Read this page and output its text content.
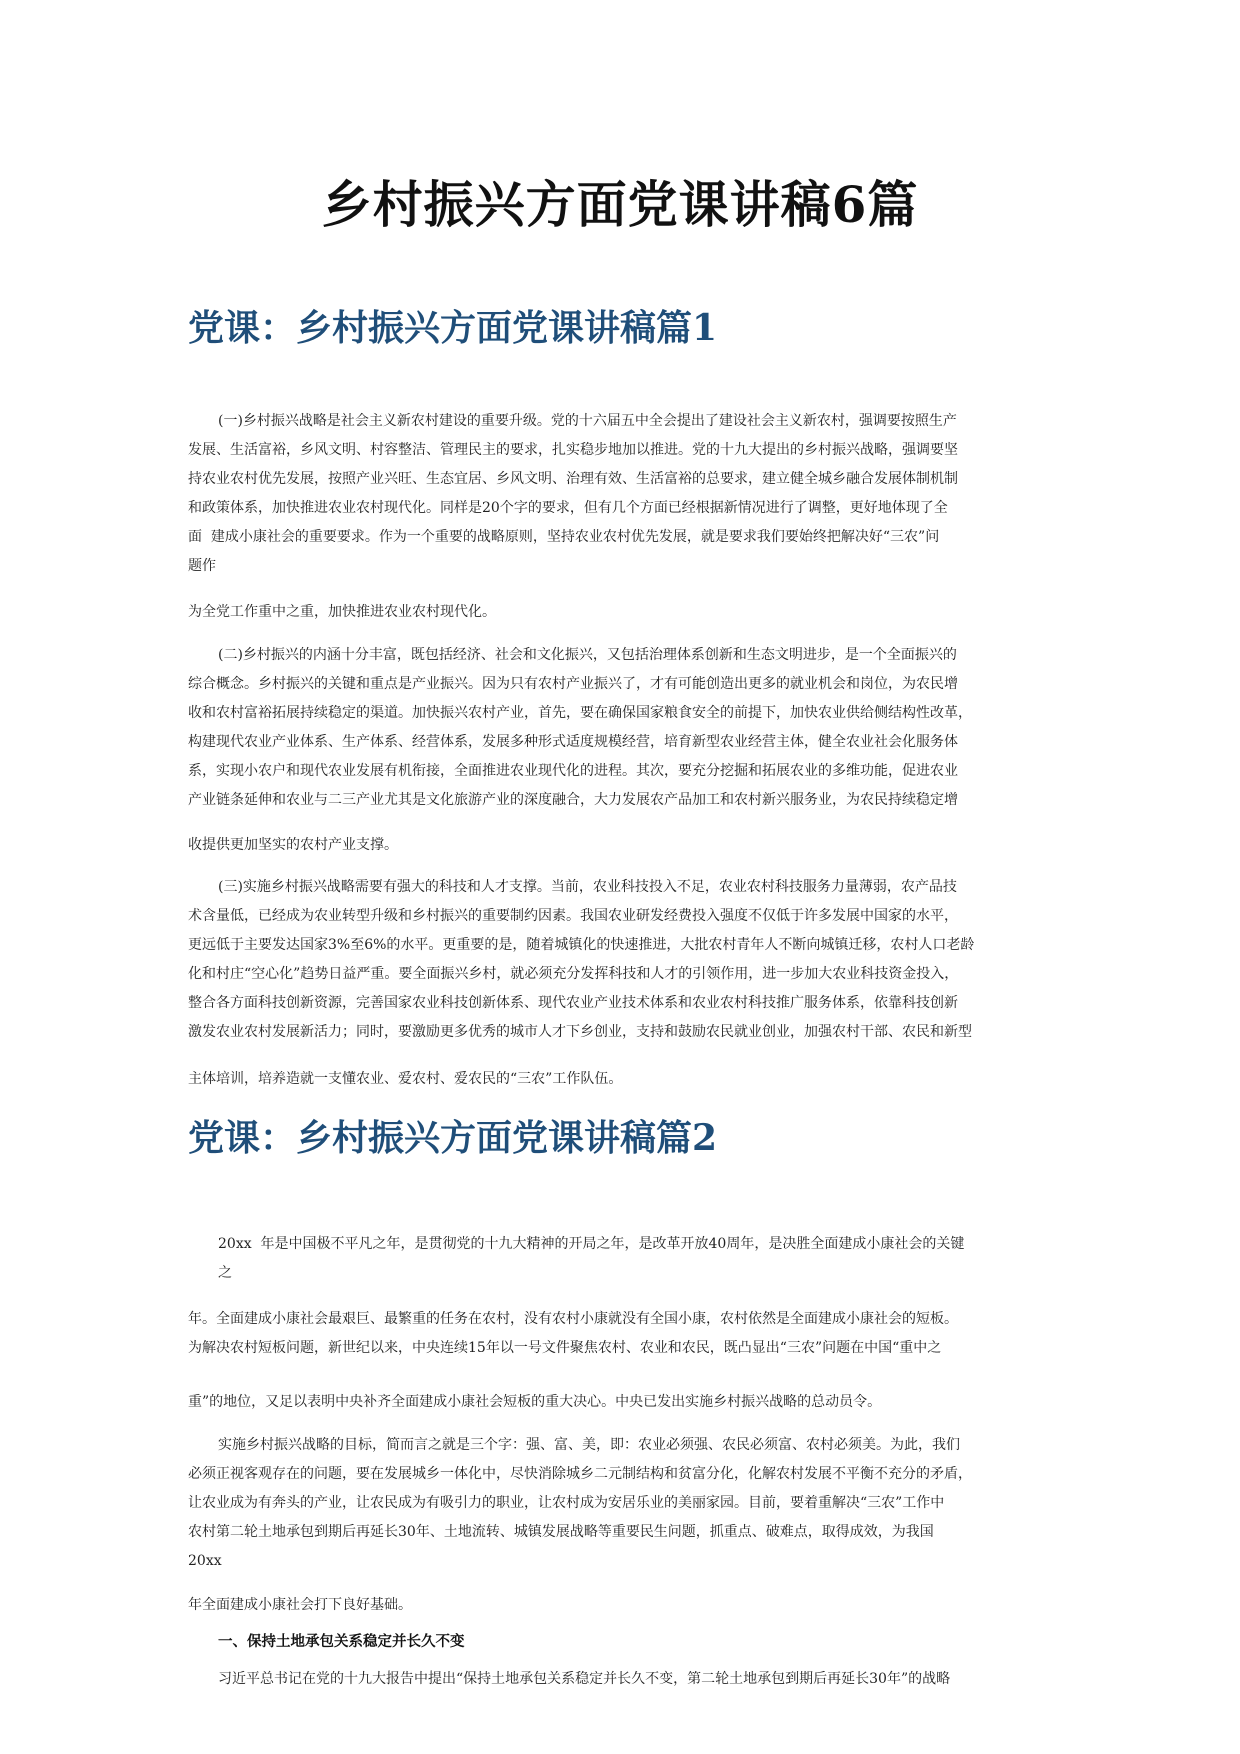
乡村振兴方面党课讲稿6篇
党课：乡村振兴方面党课讲稿篇1

(一)乡村振兴战略是社会主义新农村建设的重要升级。党的十六届五中全会提出了建设社会主义新农村，强调要按照生产
发展、生活富裕，乡风文明、村容整洁、管理民主的要求，扎实稳步地加以推进。党的十九大提出的乡村振兴战略，强调要坚
持农业农村优先发展，按照产业兴旺、生态宜居、乡风文明、治理有效、生活富裕的总要求，建立健全城乡融合发展体制机制
和政策体系，加快推进农业农村现代化。同样是20个字的要求，但有几个方面已经根据新情况进行了调整，更好地体现了全
面  建成小康社会的重要要求。作为一个重要的战略原则，坚持农业农村优先发展，就是要求我们要始终把解决好“三农”问
题作

为全党工作重中之重，加快推进农业农村现代化。

(二)乡村振兴的内涵十分丰富，既包括经济、社会和文化振兴，又包括治理体系创新和生态文明进步，是一个全面振兴的
综合概念。乡村振兴的关键和重点是产业振兴。因为只有农村产业振兴了，才有可能创造出更多的就业机会和岗位，为农民增
收和农村富裕拓展持续稳定的渠道。加快振兴农村产业，首先，要在确保国家粮食安全的前提下，加快农业供给侧结构性改革，
构建现代农业产业体系、生产体系、经营体系，发展多种形式适度规模经营，培育新型农业经营主体，健全农业社会化服务体
系，实现小农户和现代农业发展有机衔接，全面推进农业现代化的进程。其次，要充分挖掘和拓展农业的多维功能，促进农业
产业链条延伸和农业与二三产业尤其是文化旅游产业的深度融合，大力发展农产品加工和农村新兴服务业，为农民持续稳定增

收提供更加坚实的农村产业支撑。

(三)实施乡村振兴战略需要有强大的科技和人才支撑。当前，农业科技投入不足，农业农村科技服务力量薄弱，农产品技
术含量低，已经成为农业转型升级和乡村振兴的重要制约因素。我国农业研发经费投入强度不仅低于许多发展中国家的水平，
更远低于主要发达国家3%至6%的水平。更重要的是，随着城镇化的快速推进，大批农村青年人不断向城镇迁移，农村人口老龄
化和村庄“空心化”趋势日益严重。要全面振兴乡村，就必须充分发挥科技和人才的引领作用，进一步加大农业科技资金投入，
整合各方面科技创新资源，完善国家农业科技创新体系、现代农业产业技术体系和农业农村科技推广服务体系，依靠科技创新
激发农业农村发展新活力；同时，要激励更多优秀的城市人才下乡创业，支持和鼓励农民就业创业，加强农村干部、农民和新型

主体培训，培养造就一支懂农业、爱农村、爱农民的“三农”工作队伍。

党课：乡村振兴方面党课讲稿篇2

20xx  年是中国极不平凡之年，是贯彻党的十九大精神的开局之年，是改革开放40周年，是决胜全面建成小康社会的关键
之

年。全面建成小康社会最艰巨、最繁重的任务在农村，没有农村小康就没有全国小康，农村依然是全面建成小康社会的短板。
为解决农村短板问题，新世纪以来，中央连续15年以一号文件聚焦农村、农业和农民，既凸显出“三农”问题在中国“重中之

重”的地位，又足以表明中央补齐全面建成小康社会短板的重大决心。中央已发出实施乡村振兴战略的总动员令。

实施乡村振兴战略的目标，简而言之就是三个字：强、富、美，即：农业必须强、农民必须富、农村必须美。为此，我们
必须正视客观存在的问题，要在发展城乡一体化中，尽快消除城乡二元制结构和贫富分化，化解农村发展不平衡不充分的矛盾，
让农业成为有奔头的产业，让农民成为有吸引力的职业，让农村成为安居乐业的美丽家园。目前，要着重解决“三农”工作中
农村第二轮土地承包到期后再延长30年、土地流转、城镇发展战略等重要民生问题，抓重点、破难点，取得成效，为我国
20xx

年全面建成小康社会打下良好基础。

一、保持土地承包关系稳定并长久不变

习近平总书记在党的十九大报告中提出“保持土地承包关系稳定并长久不变，第二轮土地承包到期后再延长30年”的战略
